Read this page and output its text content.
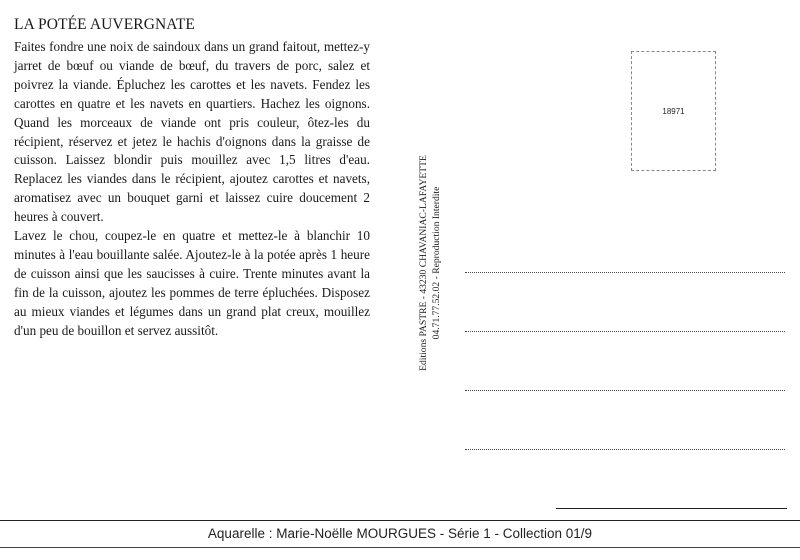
LA POTÉE AUVERGNATE

Faites fondre une noix de saindoux dans un grand faitout, mettez-y jarret de bœuf ou viande de bœuf, du travers de porc, salez et poivrez la viande. Épluchez les carottes et les navets. Fendez les carottes en quatre et les navets en quartiers. Hachez les oignons. Quand les morceaux de viande ont pris couleur, ôtez-les du récipient, réservez et jetez le hachis d'oignons dans la graisse de cuisson. Laissez blondir puis mouillez avec 1,5 litres d'eau. Replacez les viandes dans le récipient, ajoutez carottes et navets, aromatisez avec un bouquet garni et laissez cuire doucement 2 heures à couvert.

Lavez le chou, coupez-le en quatre et mettez-le à blanchir 10 minutes à l'eau bouillante salée. Ajoutez-le à la potée après 1 heure de cuisson ainsi que les saucisses à cuire. Trente minutes avant la fin de la cuisson, ajoutez les pommes de terre épluchées. Disposez au mieux viandes et légumes dans un grand plat creux, mouillez d'un peu de bouillon et servez aussitôt.	Editions PASTRE - 43230 CHAVANIAC-LAFAYETTE 04.71.77.52.02 - Reproduction Interdite
18971
Aquarelle : Marie-Noëlle MOURGUES - Série 1 - Collection 01/9
